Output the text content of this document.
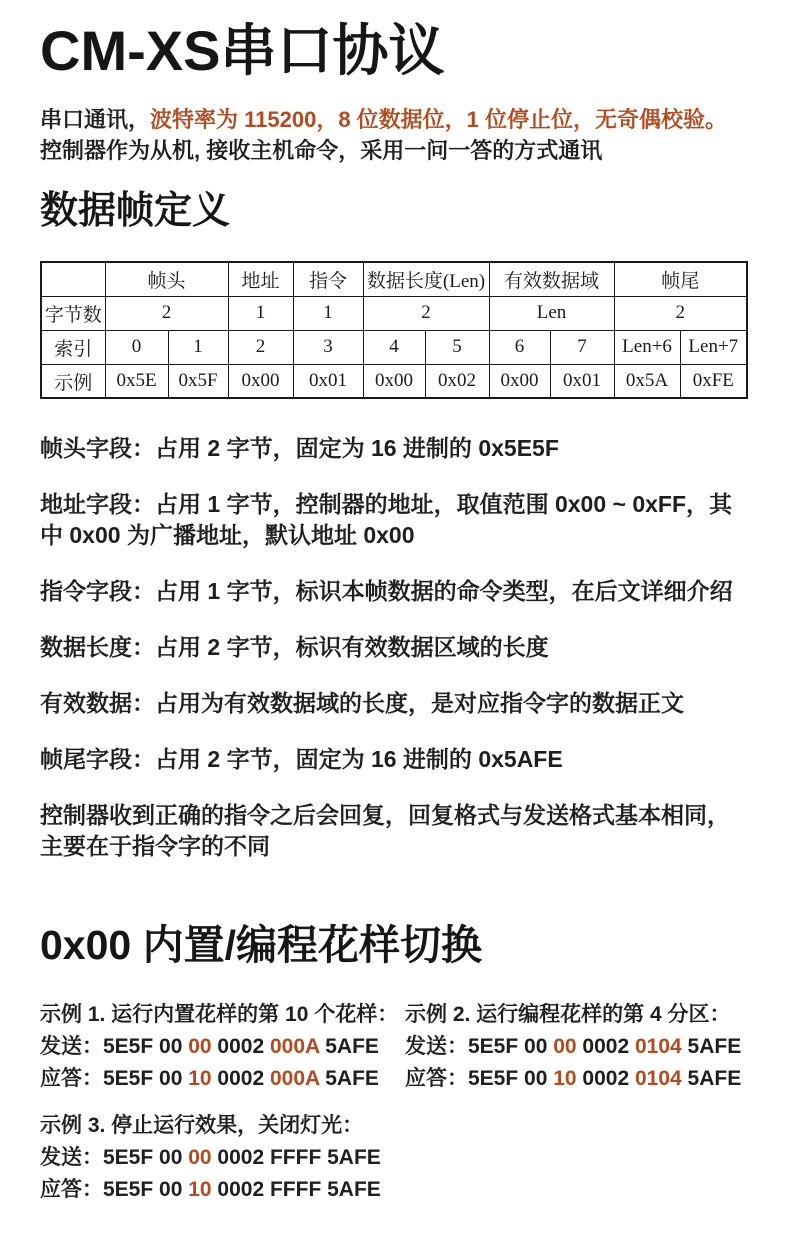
CM-XS串口协议

串口通讯，波特率为 115200，8 位数据位，1 位停止位，无奇偶校验。
控制器作为从机, 接收主机命令，采用一问一答的方式通讯

数据帧定义
	帧头		地址	指令	数据长度(Len)		有效数据域		帧尾	
字节数	2		1	1	2		Len		2	
索引	0	1	2	3	4	5	6	7	Len+6	Len+7
示例	0x5E	0x5F	0x00	0x01	0x00	0x02	0x00	0x01	0x5A	0xFE

帧头字段：占用 2 字节，固定为 16 进制的 0x5E5F

地址字段：占用 1 字节，控制器的地址，取值范围 0x00 ~ 0xFF，其中 0x00 为广播地址，默认地址 0x00

指令字段：占用 1 字节，标识本帧数据的命令类型，在后文详细介绍

数据长度：占用 2 字节，标识有效数据区域的长度

有效数据：占用为有效数据域的长度，是对应指令字的数据正文

帧尾字段：占用 2 字节，固定为 16 进制的 0x5AFE

控制器收到正确的指令之后会回复，回复格式与发送格式基本相同，主要在于指令字的不同

0x00 内置/编程花样切换
示例 1. 运行内置花样的第 10 个花样：
发送：5E5F 00 00 0002 000A 5AFE
应答：5E5F 00 10 0002 000A 5AFE
示例 2. 运行编程花样的第 4 分区：
发送：5E5F 00 00 0002 0104 5AFE
应答：5E5F 00 10 0002 0104 5AFE
示例 3. 停止运行效果，关闭灯光：
发送：5E5F 00 00 0002 FFFF 5AFE
应答：5E5F 00 10 0002 FFFF 5AFE
